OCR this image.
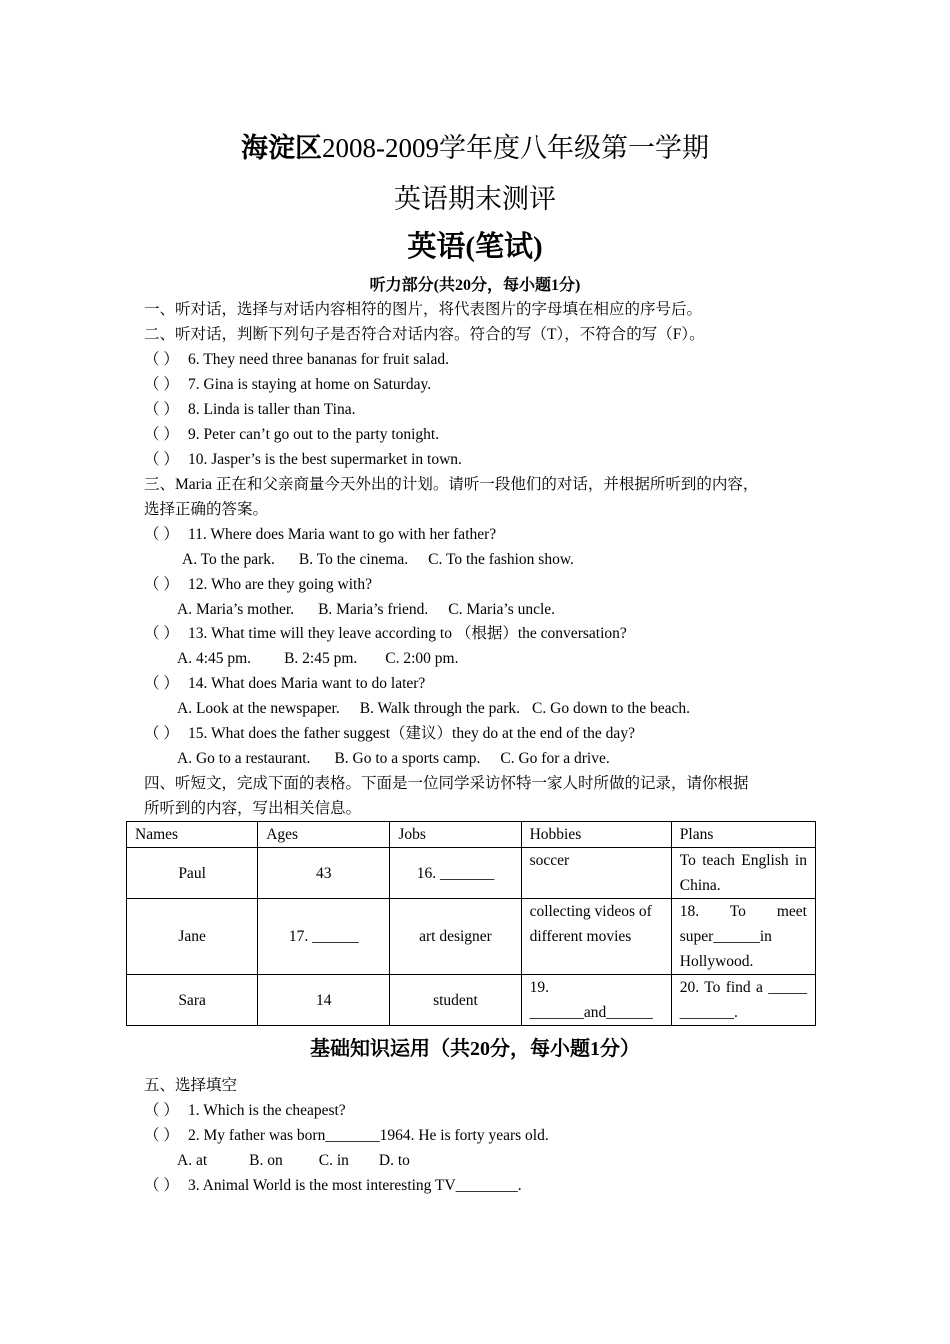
海淀区2008-2009学年度八年级第一学期
英语期末测评
英语(笔试)
听力部分(共20分，每小题1分)
一、听对话，选择与对话内容相符的图片，将代表图片的字母填在相应的序号后。
二、听对话，判断下列句子是否符合对话内容。符合的写（T），不符合的写（F）。
（ ） 6. They need three bananas for fruit salad.
（ ） 7. Gina is staying at home on Saturday.
（ ） 8. Linda is taller than Tina.
（ ） 9. Peter can’t go out to the party tonight.
（ ） 10. Jasper’s is the best supermarket in town.
三、Maria 正在和父亲商量今天外出的计划。请听一段他们的对话，并根据所听到的内容，
选择正确的答案。
（ ） 11. Where does Maria want to go with her father?
A. To the park. B. To the cinema. C. To the fashion show.
（ ） 12. Who are they going with?
A. Maria’s mother. B. Maria’s friend. C. Maria’s uncle.
（ ） 13. What time will they leave according to （根据）the conversation?
A. 4:45 pm. B. 2:45 pm. C. 2:00 pm.
（ ） 14. What does Maria want to do later?
A. Look at the newspaper. B. Walk through the park. C. Go down to the beach.
（ ） 15. What does the father suggest（建议）they do at the end of the day?
A. Go to a restaurant. B. Go to a sports camp. C. Go for a drive.
四、听短文，完成下面的表格。下面是一位同学采访怀特一家人时所做的记录，请你根据
所听到的内容，写出相关信息。
Names	Ages	Jobs	Hobbies	Plans
Paul	43	16. _______	soccer	To teach English in China.
Jane	17. ______	art designer	collecting videos of different movies	18. To meet super______in Hollywood.
Sara	14	student	19. _______and______	20. To find a _____ _______.
基础知识运用（共20分，每小题1分）
五、选择填空
（ ） 1. Which is the cheapest?
（ ） 2. My father was born_______1964. He is forty years old.
A. at	B. on C. in D. to
（ ） 3. Animal World is the most interesting TV________.
